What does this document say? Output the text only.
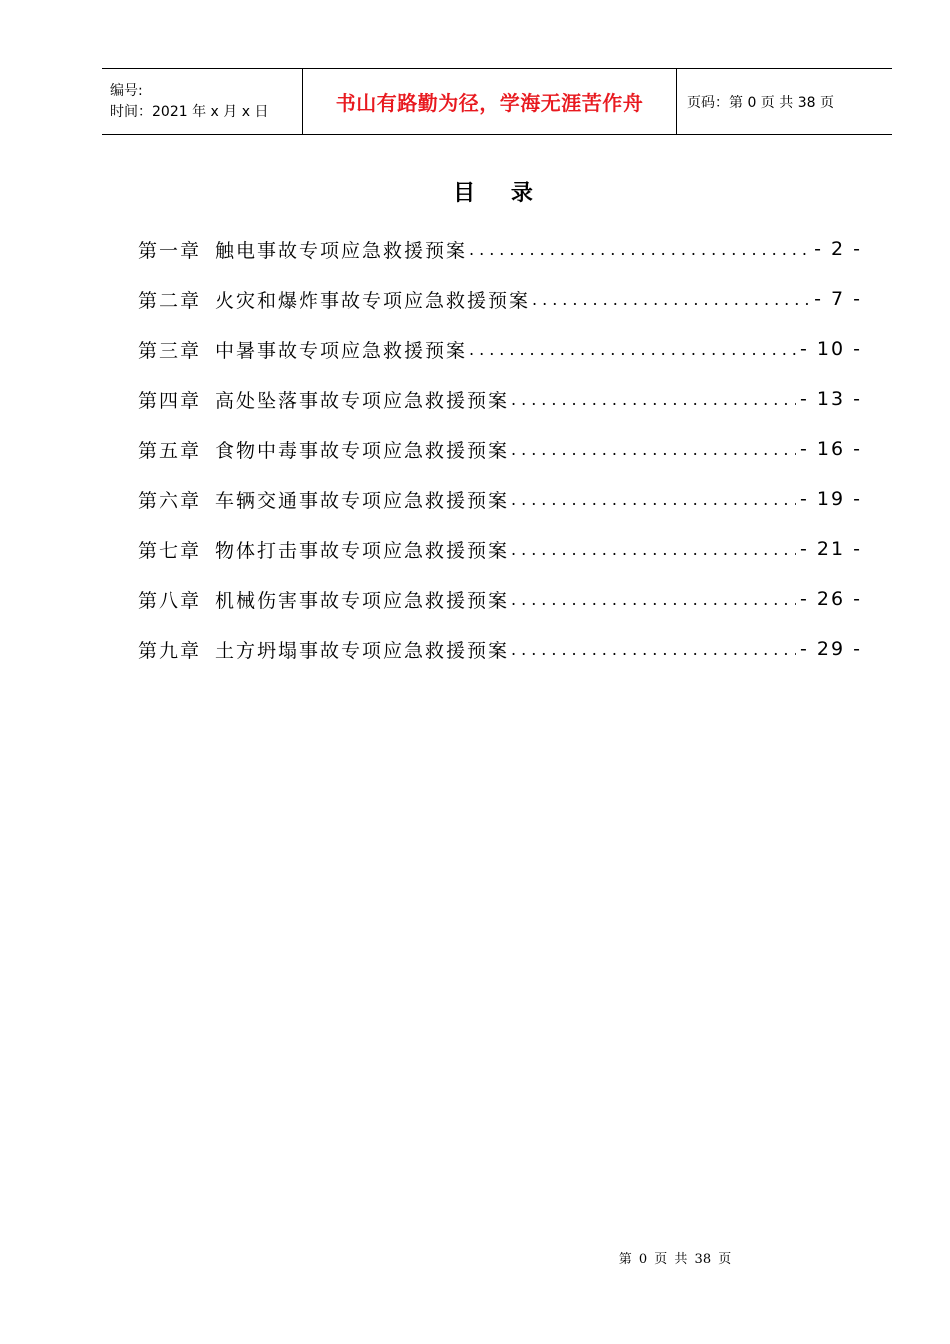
编号:
时间：2021 年 x 月 x 日	书山有路勤为径，学海无涯苦作舟	页码：第 0 页 共 38 页
目 录
第一章 触电事故专项应急救援预案 .....	- 2 -
第二章 火灾和爆炸事故专项应急救援预案 .....	- 7 -
第三章 中暑事故专项应急救援预案 .....	- 10 -
第四章 高处坠落事故专项应急救援预案 .....	- 13 -
第五章 食物中毒事故专项应急救援预案 .....	- 16 -
第六章 车辆交通事故专项应急救援预案 .....	- 19 -
第七章 物体打击事故专项应急救援预案 .....	- 21 -
第八章 机械伤害事故专项应急救援预案 .....	- 26 -
第九章 土方坍塌事故专项应急救援预案 .....	- 29 -
第 0 页 共 38 页
